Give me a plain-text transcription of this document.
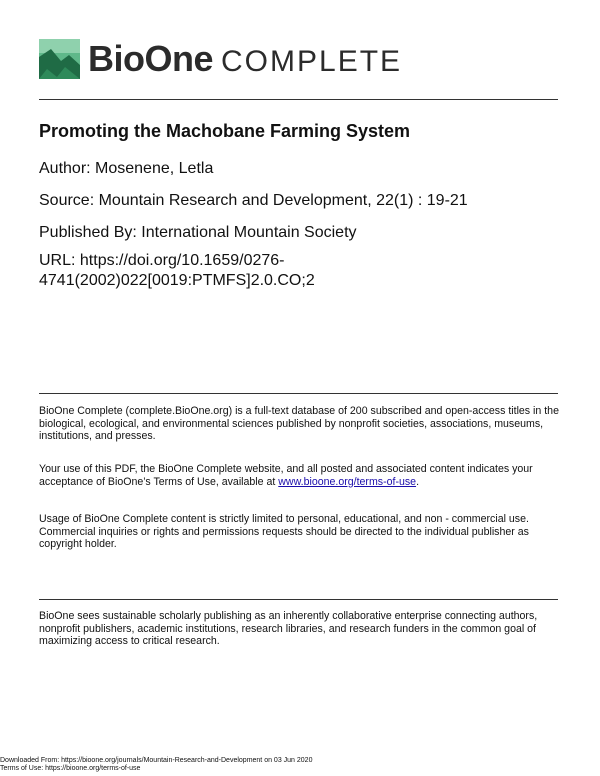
BioOne COMPLETE
Promoting the Machobane Farming System
Author: Mosenene, Letla
Source: Mountain Research and Development, 22(1) : 19-21
Published By: International Mountain Society
URL: https://doi.org/10.1659/0276-
4741(2002)022[0019:PTMFS]2.0.CO;2
BioOne Complete (complete.BioOne.org) is a full-text database of 200 subscribed and open-access titles in the biological, ecological, and environmental sciences published by nonprofit societies, associations, museums, institutions, and presses.
Your use of this PDF, the BioOne Complete website, and all posted and associated content indicates your acceptance of BioOne’s Terms of Use, available at www.bioone.org/terms-of-use.
Usage of BioOne Complete content is strictly limited to personal, educational, and non - commercial use. Commercial inquiries or rights and permissions requests should be directed to the individual publisher as copyright holder.
BioOne sees sustainable scholarly publishing as an inherently collaborative enterprise connecting authors, nonprofit publishers, academic institutions, research libraries, and research funders in the common goal of maximizing access to critical research.
Downloaded From: https://bioone.org/journals/Mountain-Research-and-Development on 03 Jun 2020
Terms of Use: https://bioone.org/terms-of-use
